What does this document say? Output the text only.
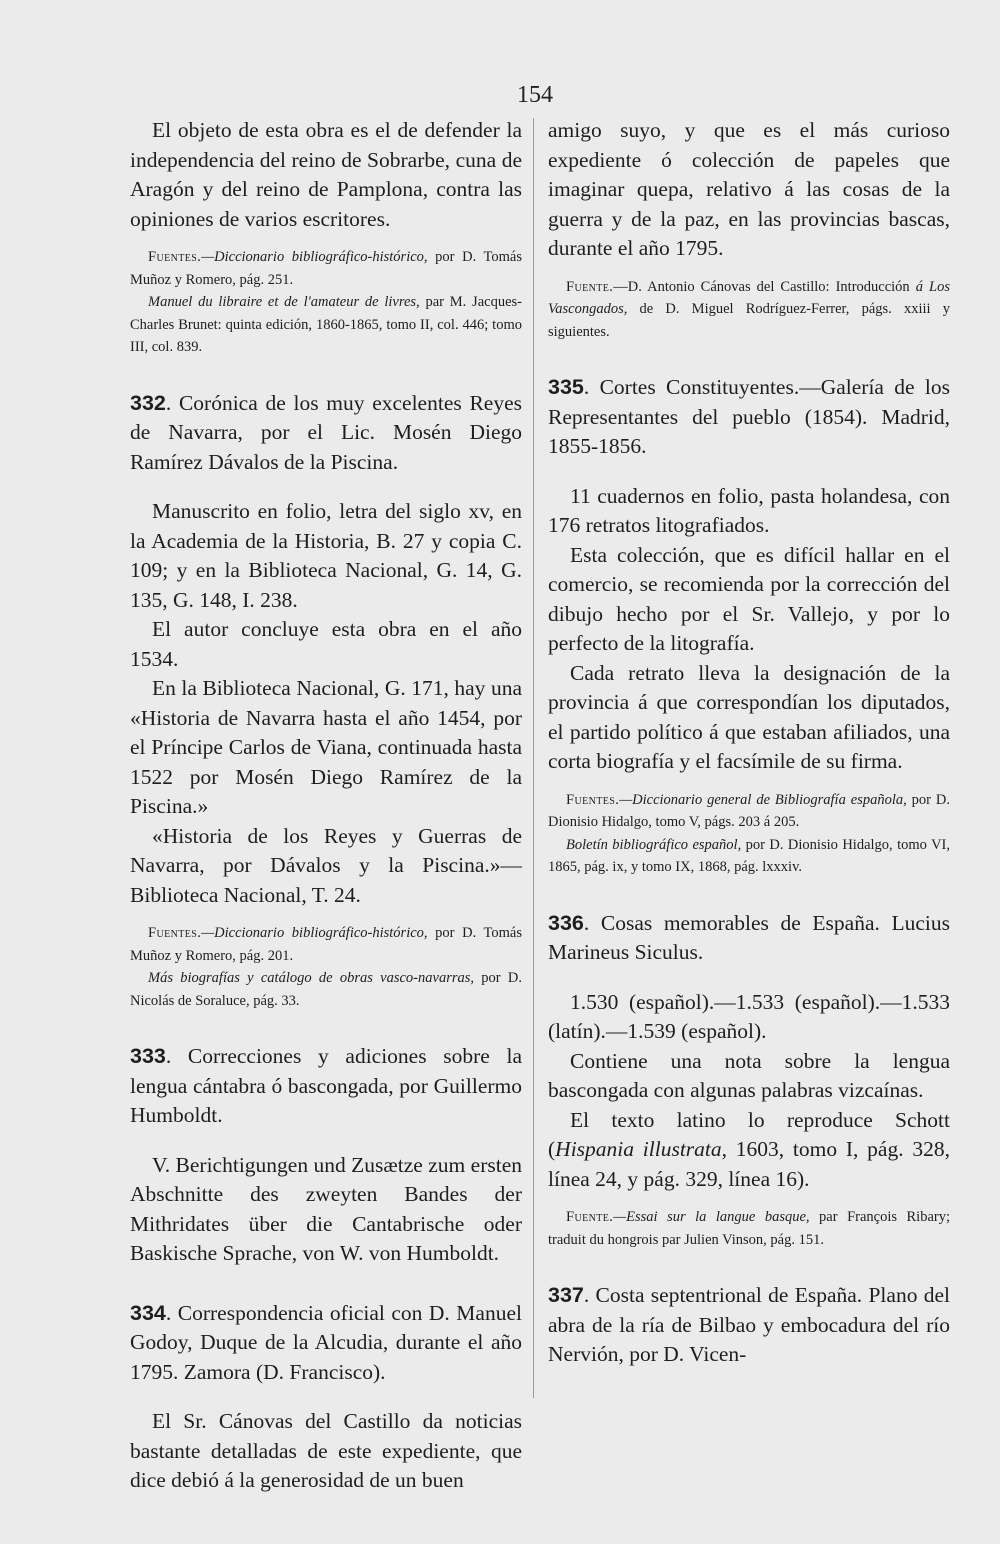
154

El objeto de esta obra es el de defender la independencia del reino de Sobrarbe, cuna de Aragón y del reino de Pamplona, contra las opiniones de varios escritores.

Fuentes.—Diccionario bibliográfico-histórico, por D. Tomás Muñoz y Romero, pág. 251.

Manuel du libraire et de l'amateur de livres, par M. Jacques-Charles Brunet: quinta edición, 1860-1865, tomo II, col. 446; tomo III, col. 839.

332. Corónica de los muy excelentes Reyes de Navarra, por el Lic. Mosén Diego Ramírez Dávalos de la Piscina.

Manuscrito en folio, letra del siglo xv, en la Academia de la Historia, B. 27 y copia C. 109; y en la Biblioteca Nacional, G. 14, G. 135, G. 148, I. 238.

El autor concluye esta obra en el año 1534.

En la Biblioteca Nacional, G. 171, hay una «Historia de Navarra hasta el año 1454, por el Príncipe Carlos de Viana, continuada hasta 1522 por Mosén Diego Ramírez de la Piscina.»

«Historia de los Reyes y Guerras de Navarra, por Dávalos y la Piscina.»—Biblioteca Nacional, T. 24.

Fuentes.—Diccionario bibliográfico-histórico, por D. Tomás Muñoz y Romero, pág. 201.

Más biografías y catálogo de obras vasco-navarras, por D. Nicolás de Soraluce, pág. 33.

333. Correcciones y adiciones sobre la lengua cántabra ó bascongada, por Guillermo Humboldt.

V. Berichtigungen und Zusætze zum ersten Abschnitte des zweyten Bandes der Mithridates über die Cantabrische oder Baskische Sprache, von W. von Humboldt.

334. Correspondencia oficial con D. Manuel Godoy, Duque de la Alcudia, durante el año 1795. Zamora (D. Francisco).

El Sr. Cánovas del Castillo da noticias bastante detalladas de este expediente, que dice debió á la generosidad de un buen

amigo suyo, y que es el más curioso expediente ó colección de papeles que imaginar quepa, relativo á las cosas de la guerra y de la paz, en las provincias bascas, durante el año 1795.

Fuente.—D. Antonio Cánovas del Castillo: Introducción á Los Vascongados, de D. Miguel Rodríguez-Ferrer, págs. xxiii y siguientes.

335. Cortes Constituyentes.—Galería de los Representantes del pueblo (1854). Madrid, 1855-1856.

11 cuadernos en folio, pasta holandesa, con 176 retratos litografiados.

Esta colección, que es difícil hallar en el comercio, se recomienda por la corrección del dibujo hecho por el Sr. Vallejo, y por lo perfecto de la litografía.

Cada retrato lleva la designación de la provincia á que correspondían los diputados, el partido político á que estaban afiliados, una corta biografía y el facsímile de su firma.

Fuentes.—Diccionario general de Bibliografía española, por D. Dionisio Hidalgo, tomo V, págs. 203 á 205.

Boletín bibliográfico español, por D. Dionisio Hidalgo, tomo VI, 1865, pág. ix, y tomo IX, 1868, pág. lxxxiv.

336. Cosas memorables de España. Lucius Marineus Siculus.

1.530 (español).—1.533 (español).—1.533 (latín).—1.539 (español).

Contiene una nota sobre la lengua bascongada con algunas palabras vizcaínas.

El texto latino lo reproduce Schott (Hispania illustrata, 1603, tomo I, pág. 328, línea 24, y pág. 329, línea 16).

Fuente.—Essai sur la langue basque, par François Ribary; traduit du hongrois par Julien Vinson, pág. 151.

337. Costa septentrional de España. Plano del abra de la ría de Bilbao y embocadura del río Nervión, por D. Vicen-
